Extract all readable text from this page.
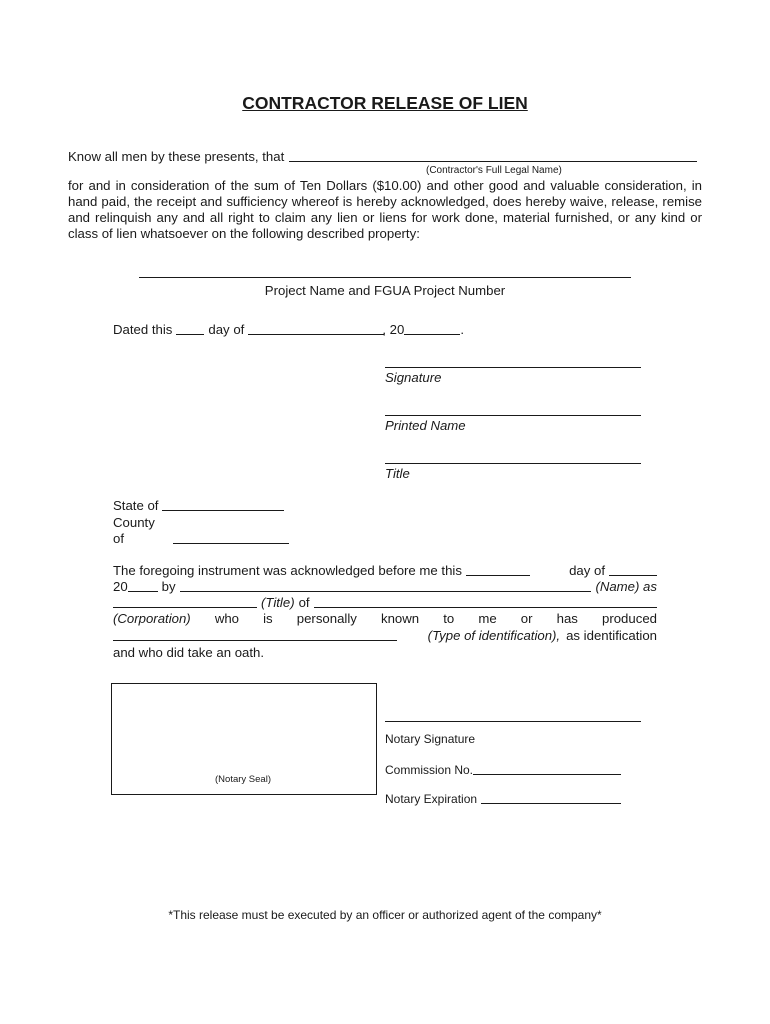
CONTRACTOR RELEASE OF LIEN
Know all men by these presents, that
(Contractor's Full Legal Name)
for and in consideration of the sum of Ten Dollars ($10.00) and other good and valuable consideration, in hand paid, the receipt and sufficiency whereof is hereby acknowledged, does hereby waive, release, remise and relinquish any and all right to claim any lien or liens for work done, material furnished, or any kind or class of lien whatsoever on the following described property:
Project Name and FGUA Project Number
Dated this	day of	, 20	.
Signature
Printed Name
Title
State of
County of
The foregoing instrument was acknowledged before me this	day of
20	by	(Name) as
(Title) of
(Corporation) who is personally known to me or has produced
(Type of identification), as identification
and who did take an oath.
(Notary Seal)
Notary Signature
Commission No.
Notary Expiration
*This release must be executed by an officer or authorized agent of the company*
